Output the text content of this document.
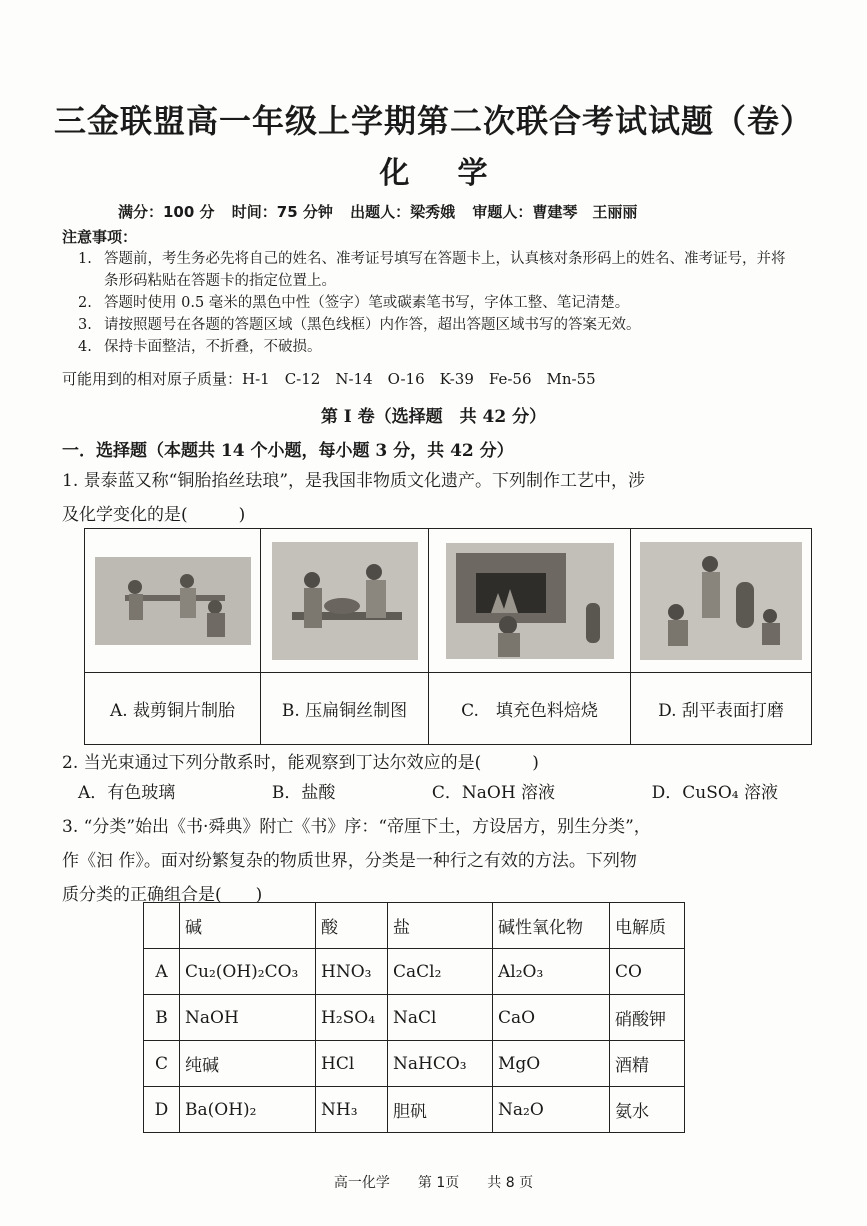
三金联盟高一年级上学期第二次联合考试试题（卷）
化 学
满分：100 分 时间：75 分钟 出题人：梁秀娥 审题人：曹建琴　王丽丽
注意事项：
1. 答题前，考生务必先将自己的姓名、准考证号填写在答题卡上，认真核对条形码上的姓名、准考证号，并将条形码粘贴在答题卡的指定位置上。
2. 答题时使用 0.5 毫米的黑色中性（签字）笔或碳素笔书写，字体工整、笔记清楚。
3. 请按照题号在各题的答题区域（黑色线框）内作答，超出答题区域书写的答案无效。
4. 保持卡面整洁，不折叠，不破损。
可能用到的相对原子质量：H-1　C-12　N-14　O-16　K-39　Fe-56　Mn-55
第 I 卷（选择题　共 42 分）
一．选择题（本题共 14 个小题，每小题 3 分，共 42 分）
1. 景泰蓝又称“铜胎掐丝珐琅”，是我国非物质文化遗产。下列制作工艺中，涉
及化学变化的是(　　　)

A. 裁剪铜片制胎	B. 压扁铜丝制图	C.　填充色料焙烧	D. 刮平表面打磨
2. 当光束通过下列分散系时，能观察到丁达尔效应的是(　　　)
A．有色玻璃	B．盐酸	C．NaOH 溶液	D．CuSO₄ 溶液
3. “分类”始出《书·舜典》附亡《书》序：“帝厘下土，方设居方，别生分类”，
作《汩 作》。面对纷繁复杂的物质世界，分类是一种行之有效的方法。下列物
质分类的正确组合是(　　)
	碱	酸	盐	碱性氧化物	电解质
A	Cu₂(OH)₂CO₃	HNO₃	CaCl₂	Al₂O₃	CO
B	NaOH	H₂SO₄	NaCl	CaO	硝酸钾
C	纯碱	HCl	NaHCO₃	MgO	酒精
D	Ba(OH)₂	NH₃	胆矾	Na₂O	氨水
高一化学　　第 1页　　共 8 页
